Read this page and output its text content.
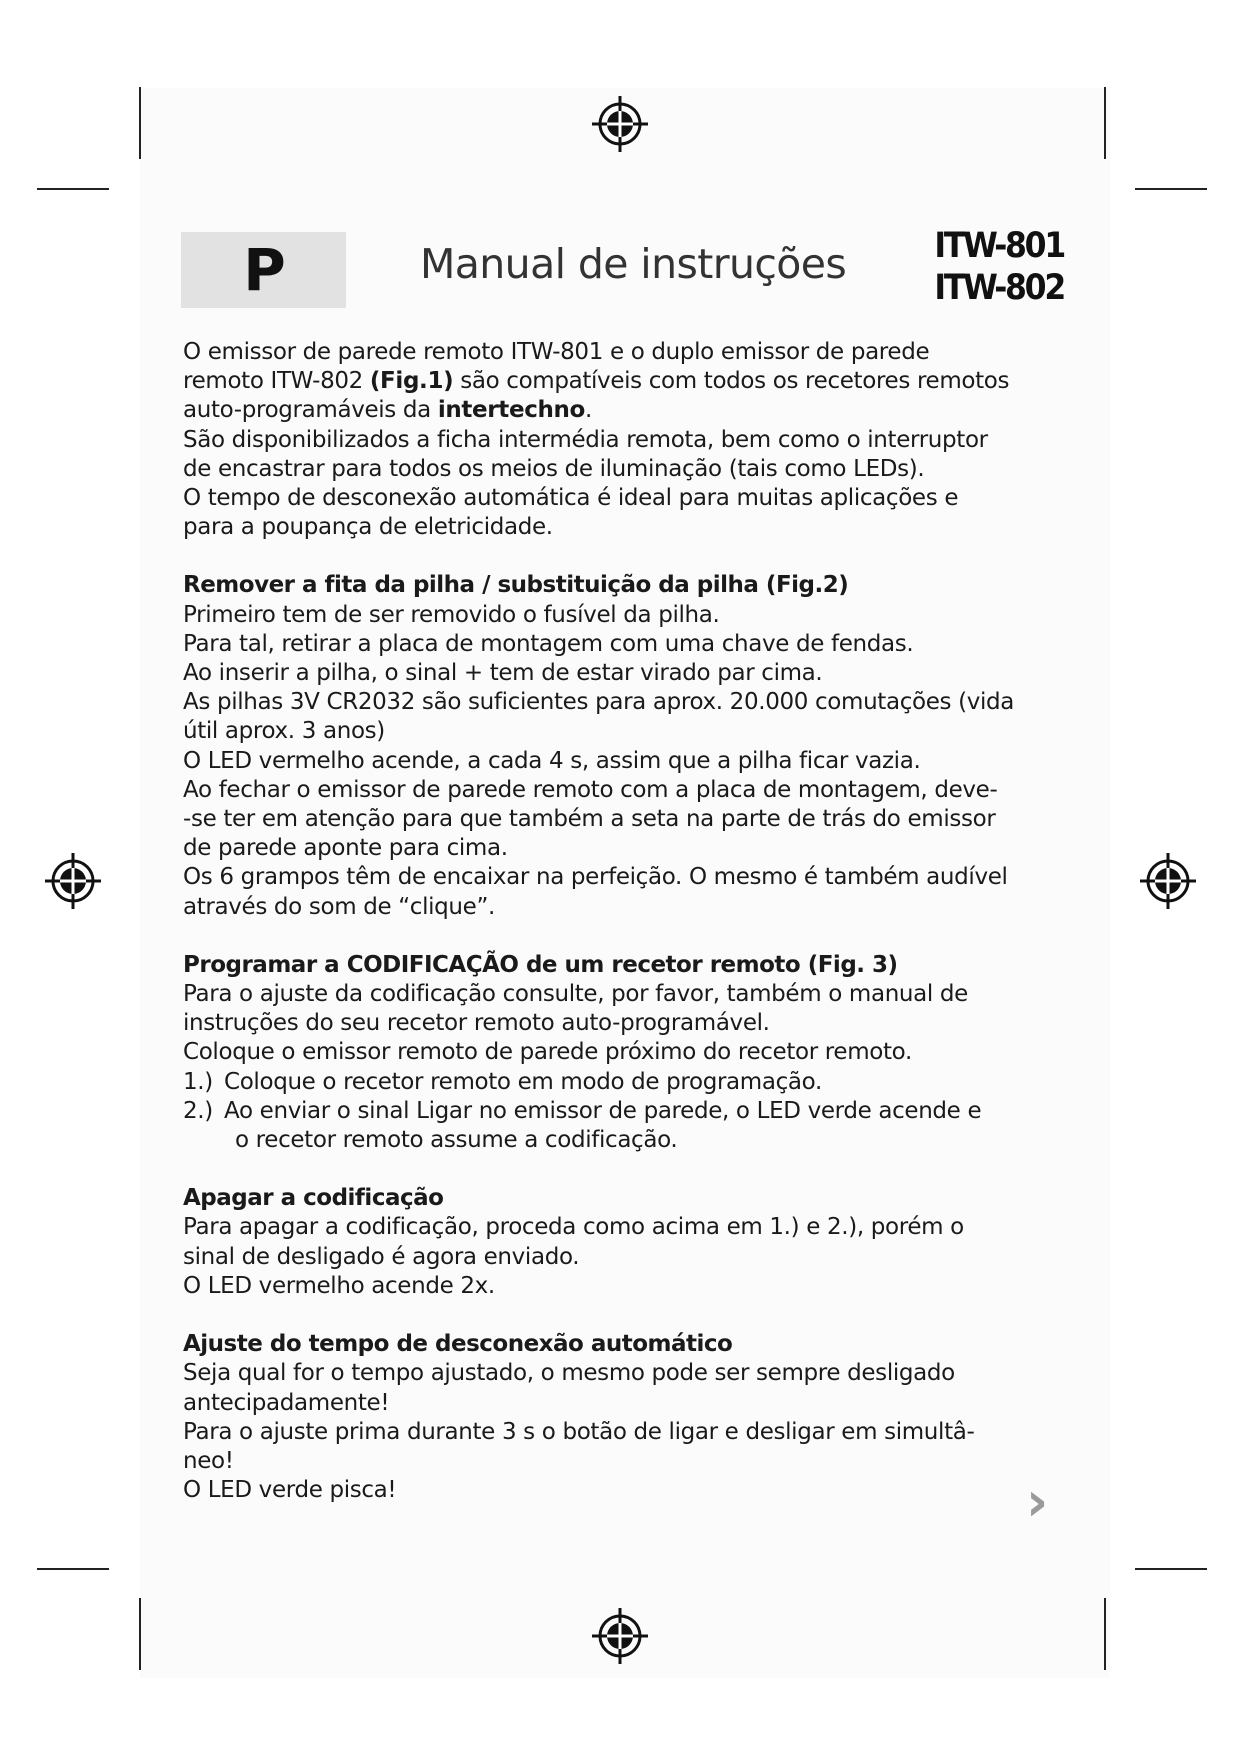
P	Manual de instruções	ITW-801
ITW-802

O emissor de parede remoto ITW-801 e o duplo emissor de parede

remoto ITW-802 (Fig.1) são compatíveis com todos os recetores remotos

auto-programáveis da intertechno.

São disponibilizados a ficha intermédia remota, bem como o interruptor

de encastrar para todos os meios de iluminação (tais como LEDs).

O tempo de desconexão automática é ideal para muitas aplicações e

para a poupança de eletricidade.

Remover a fita da pilha / substituição da pilha (Fig.2)

Primeiro tem de ser removido o fusível da pilha.

Para tal, retirar a placa de montagem com uma chave de fendas.

Ao inserir a pilha, o sinal + tem de estar virado par cima.

As pilhas 3V CR2032 são suficientes para aprox. 20.000 comutações (vida

útil aprox. 3 anos)

O LED vermelho acende, a cada 4 s, assim que a pilha ficar vazia.

Ao fechar o emissor de parede remoto com a placa de montagem, deve-

-se ter em atenção para que também a seta na parte de trás do emissor

de parede aponte para cima.

Os 6 grampos têm de encaixar na perfeição. O mesmo é também audível

através do som de “clique”.

Programar a CODIFICAÇÃO de um recetor remoto (Fig. 3)

Para o ajuste da codificação consulte, por favor, também o manual de

instruções do seu recetor remoto auto-programável.

Coloque o emissor remoto de parede próximo do recetor remoto.

1.) Coloque o recetor remoto em modo de programação.

2.) Ao enviar o sinal Ligar no emissor de parede, o LED verde acende e

o recetor remoto assume a codificação.

Apagar a codificação

Para apagar a codificação, proceda como acima em 1.) e 2.), porém o

sinal de desligado é agora enviado.

O LED vermelho acende 2x.

Ajuste do tempo de desconexão automático

Seja qual for o tempo ajustado, o mesmo pode ser sempre desligado

antecipadamente!

Para o ajuste prima durante 3 s o botão de ligar e desligar em simultâ-

neo!

O LED verde pisca!	›
